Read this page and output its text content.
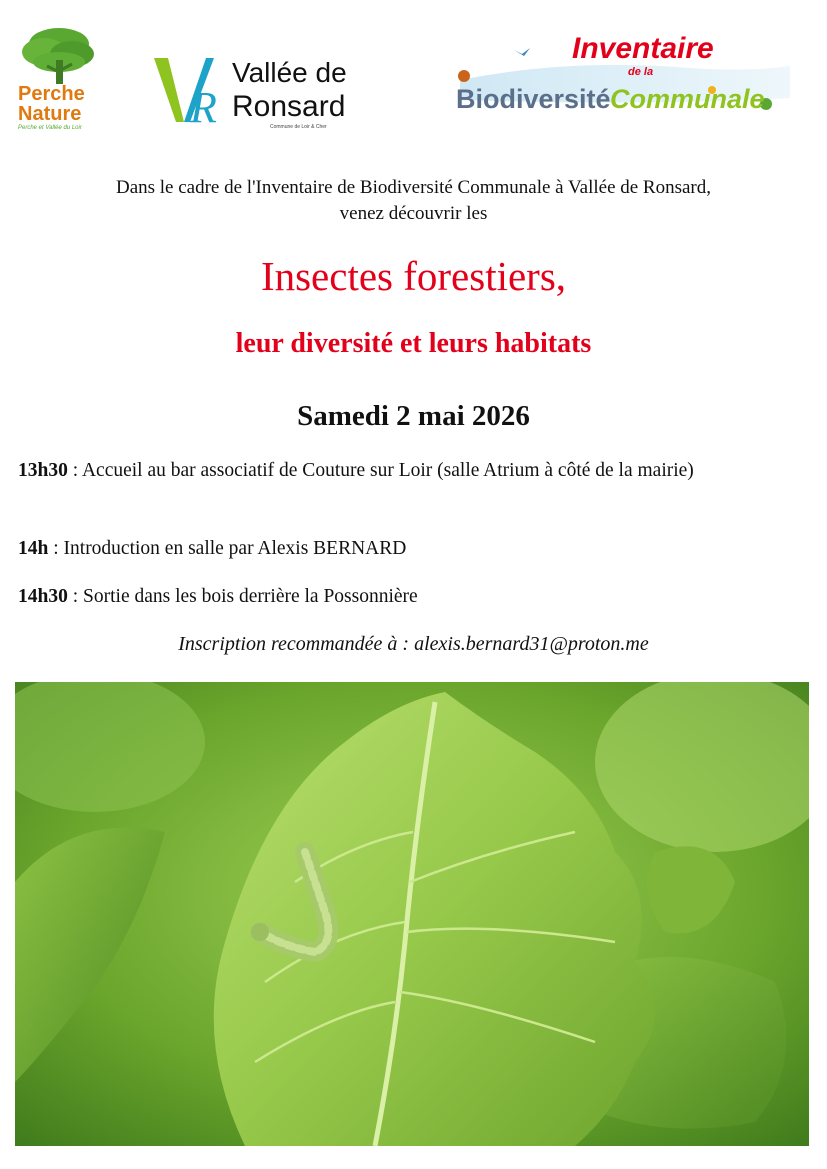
Perche
Nature
Perche et Vallée du Loir R
Vallée de
Ronsard
Commune de Loir & Cher
Inventaire
de la
Biodiversité Communale
Dans le cadre de l'Inventaire de Biodiversité Communale à Vallée de Ronsard,
venez découvrir les
Insectes forestiers,
leur diversité et leurs habitats
Samedi 2 mai 2026
13h30 : Accueil au bar associatif de Couture sur Loir (salle Atrium à côté de la mairie)
14h : Introduction en salle par Alexis BERNARD
14h30 : Sortie dans les bois derrière la Possonnière
Inscription recommandée à : alexis.bernard31@proton.me
